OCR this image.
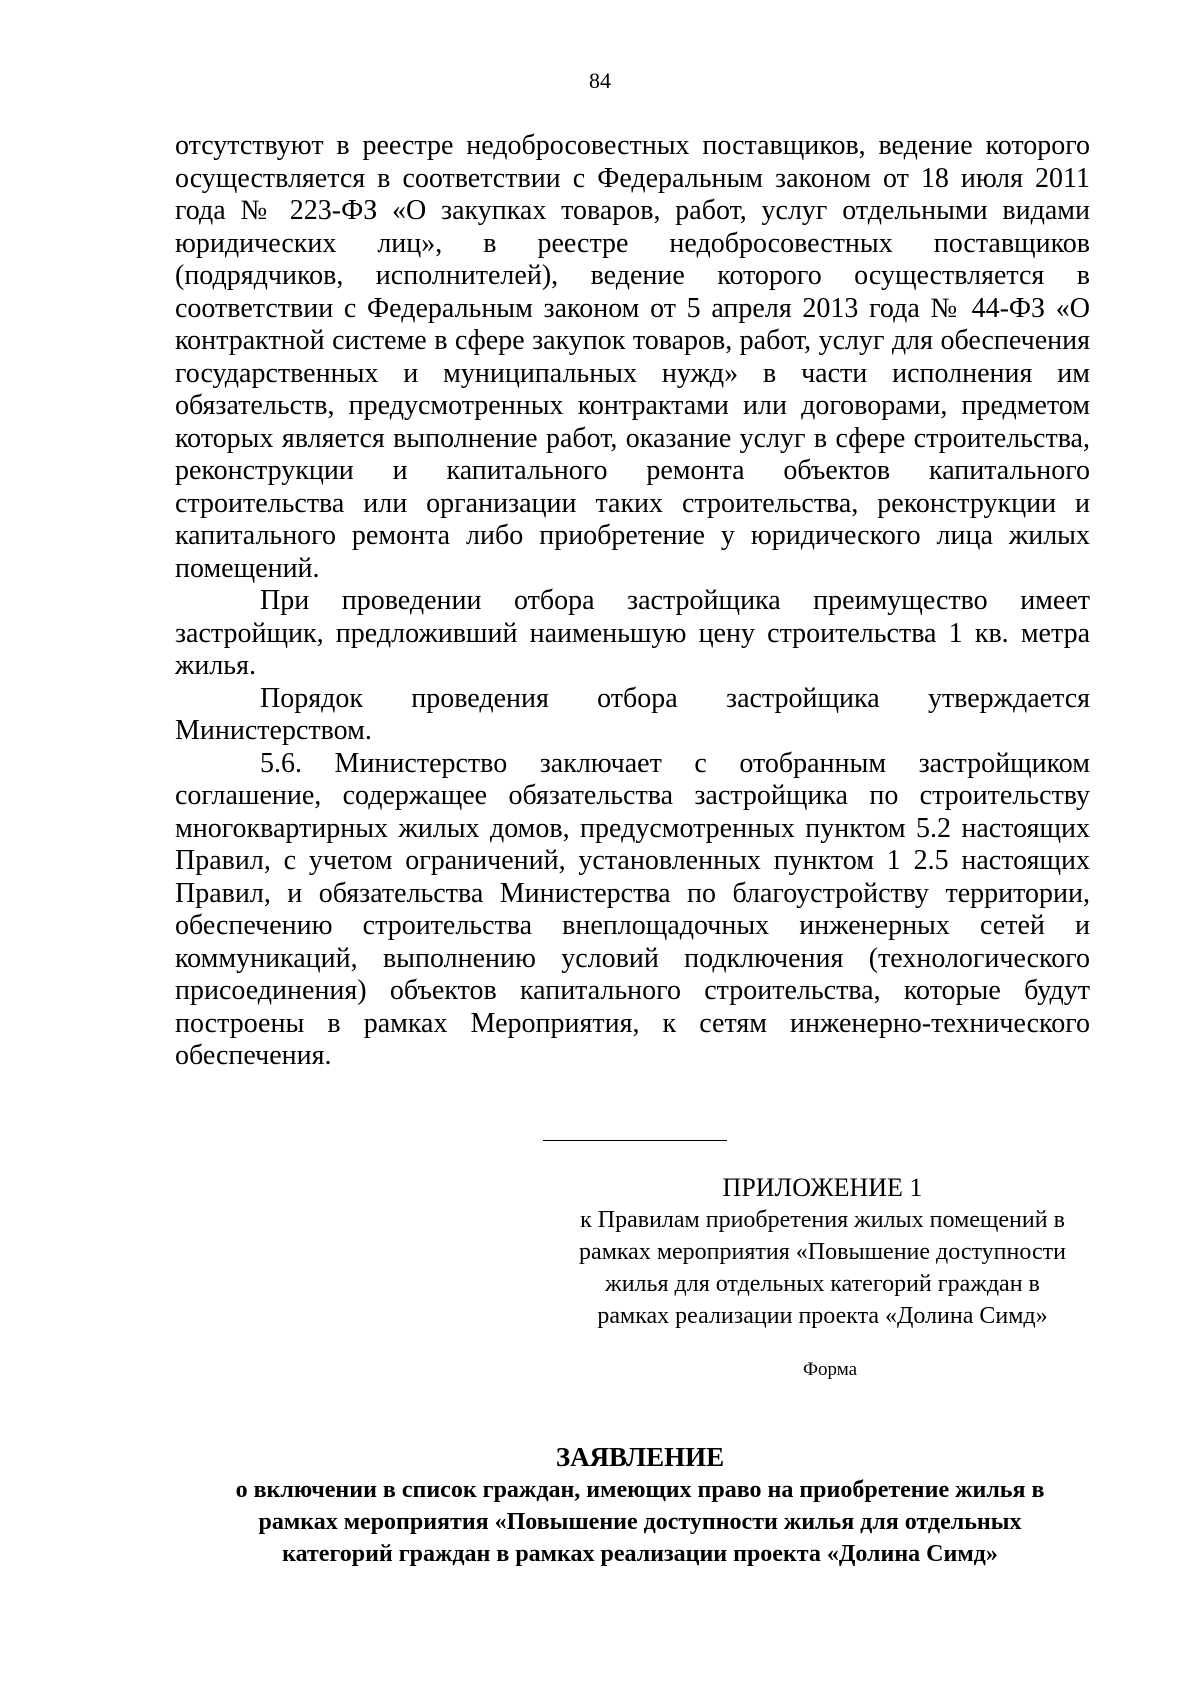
84

отсутствуют в реестре недобросовестных поставщиков, ведение которого осуществляется в соответствии с Федеральным законом от 18 июля 2011 года № 223-ФЗ «О закупках товаров, работ, услуг отдельными видами юридических лиц», в реестре недобросовестных поставщиков (подрядчиков, исполнителей), ведение которого осуществляется в соответствии с Федеральным законом от 5 апреля 2013 года № 44-ФЗ «О контрактной системе в сфере закупок товаров, работ, услуг для обеспечения государственных и муниципальных нужд» в части исполнения им обязательств, предусмотренных контрактами или договорами, предметом которых является выполнение работ, оказание услуг в сфере строительства, реконструкции и капитального ремонта объектов капитального строительства или организации таких строительства, реконструкции и капитального ремонта либо приобретение у юридического лица жилых помещений.

При проведении отбора застройщика преимущество имеет застройщик, предложивший наименьшую цену строительства 1 кв. метра жилья.

Порядок проведения отбора застройщика утверждается Министерством.

5.6. Министерство заключает с отобранным застройщиком соглашение, содержащее обязательства застройщика по строительству многоквартирных жилых домов, предусмотренных пунктом 5.2 настоящих Правил, с учетом ограничений, установленных пунктом 1 2.5 настоящих Правил, и обязательства Министерства по благоустройству территории, обеспечению строительства внеплощадочных инженерных сетей и коммуникаций, выполнению условий подключения (технологического присоединения) объектов капитального строительства, которые будут построены в рамках Мероприятия, к сетям инженерно-технического обеспечения.

ПРИЛОЖЕНИЕ 1

к Правилам приобретения жилых помещений в

рамках мероприятия «Повышение доступности

жилья для отдельных категорий граждан в

рамках реализации проекта «Долина Симд»

Форма

ЗАЯВЛЕНИЕ

о включении в список граждан, имеющих право на приобретение жилья в

рамках мероприятия «Повышение доступности жилья для отдельных

категорий граждан в рамках реализации проекта «Долина Симд»
